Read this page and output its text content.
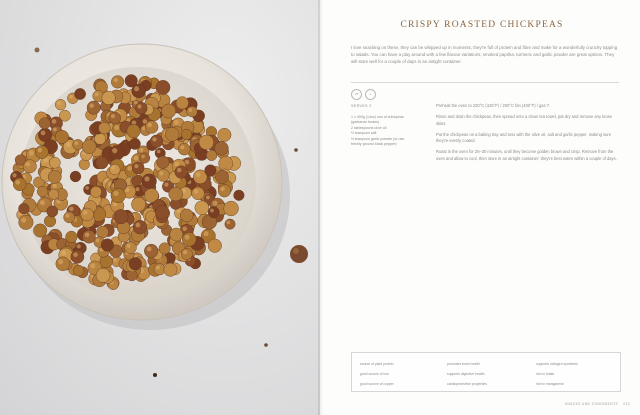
CRISPY ROASTED CHICKPEAS
I love snacking on these, they can be whipped up in moments, they're full of protein and fibre and make for a wonderfully crunchy topping to salads. You can have a play around with a few flavour variations; smoked paprika, turmeric and garlic powder are great options. They will store well for a couple of days in an airtight container.
VT	+
SERVES 2
1 x 400g (14oz) can of chickpeas (garbanzo beans)
2 tablespoons olive oil
½ teaspoon salt
½ teaspoon garlic powder (or use freshly ground black pepper)

Preheat the oven to 220°C (425°F) / 200°C fan (400°F) / gas 7.

Rinse and drain the chickpeas, then spread onto a clean tea towel, pat dry and remove any loose skins.

Put the chickpeas on a baking tray and toss with the olive oil, salt and garlic pepper, making sure they're evenly coated.

Roast in the oven for 25–30 minutes, until they become golden brown and crisp. Remove from the oven and allow to cool, then store in an airtight container; they're best eaten within a couple of days.

source of plant protein
good source of iron
good source of copper
promotes brain health
supports digestive health
cardioprotective properties
supports collagen synthesis
rich in folate
rich in manganese
SNACKS AND CONDIMENTS 223
